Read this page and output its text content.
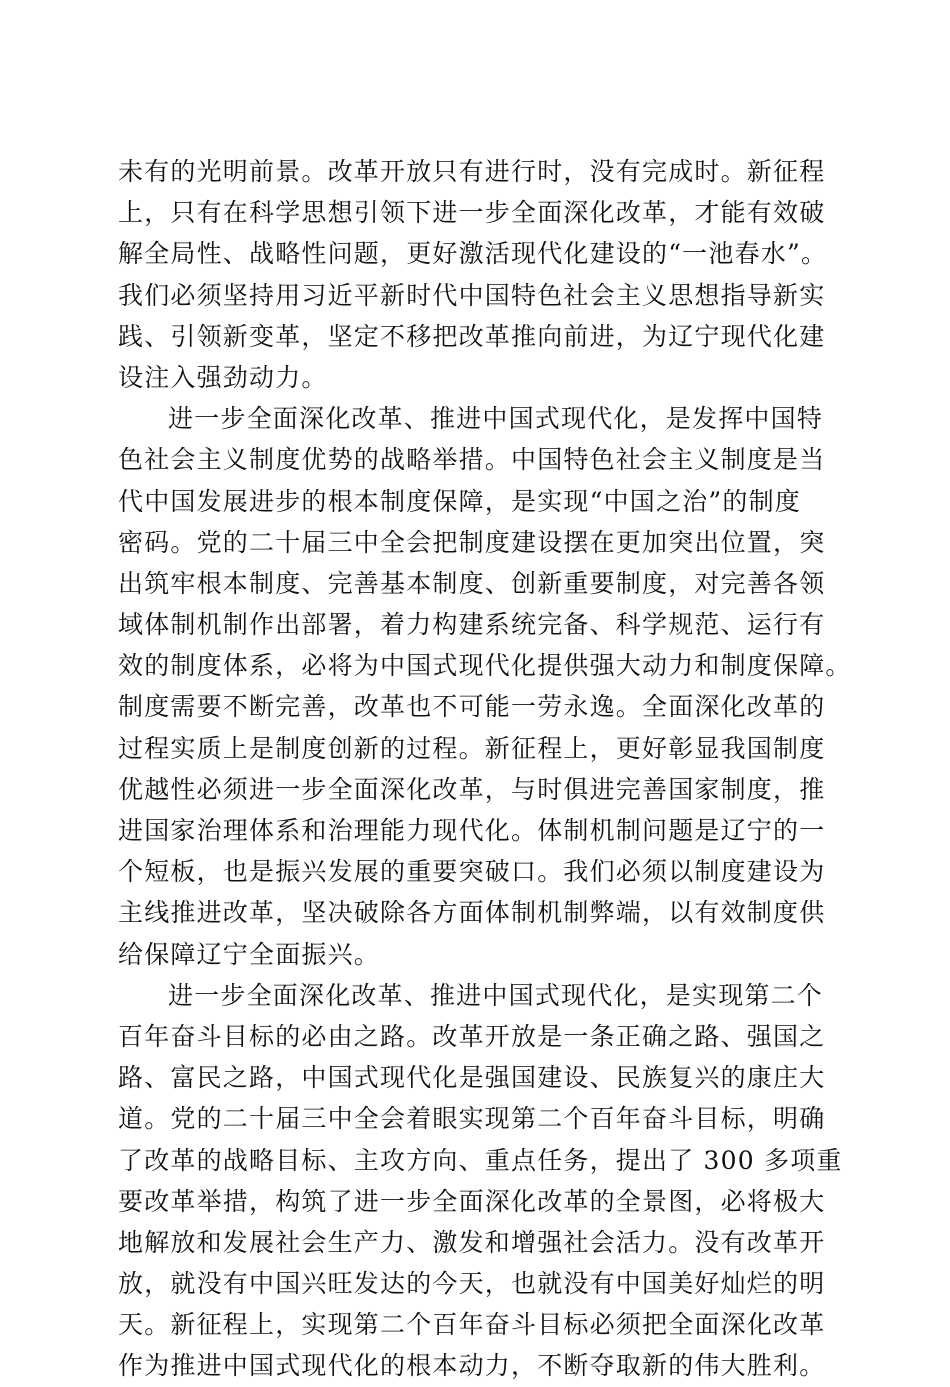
未有的光明前景。改革开放只有进行时，没有完成时。新征程
上，只有在科学思想引领下进一步全面深化改革，才能有效破
解全局性、战略性问题，更好激活现代化建设的“一池春水”。
我们必须坚持用习近平新时代中国特色社会主义思想指导新实
践、引领新变革，坚定不移把改革推向前进，为辽宁现代化建
设注入强劲动力。
进一步全面深化改革、推进中国式现代化，是发挥中国特
色社会主义制度优势的战略举措。中国特色社会主义制度是当
代中国发展进步的根本制度保障，是实现“中国之治”的制度
密码。党的二十届三中全会把制度建设摆在更加突出位置，突
出筑牢根本制度、完善基本制度、创新重要制度，对完善各领
域体制机制作出部署，着力构建系统完备、科学规范、运行有
效的制度体系，必将为中国式现代化提供强大动力和制度保障。
制度需要不断完善，改革也不可能一劳永逸。全面深化改革的
过程实质上是制度创新的过程。新征程上，更好彰显我国制度
优越性必须进一步全面深化改革，与时俱进完善国家制度，推
进国家治理体系和治理能力现代化。体制机制问题是辽宁的一
个短板，也是振兴发展的重要突破口。我们必须以制度建设为
主线推进改革，坚决破除各方面体制机制弊端，以有效制度供
给保障辽宁全面振兴。
进一步全面深化改革、推进中国式现代化，是实现第二个
百年奋斗目标的必由之路。改革开放是一条正确之路、强国之
路、富民之路，中国式现代化是强国建设、民族复兴的康庄大
道。党的二十届三中全会着眼实现第二个百年奋斗目标，明确
了改革的战略目标、主攻方向、重点任务，提出了 300 多项重
要改革举措，构筑了进一步全面深化改革的全景图，必将极大
地解放和发展社会生产力、激发和增强社会活力。没有改革开
放，就没有中国兴旺发达的今天，也就没有中国美好灿烂的明
天。新征程上，实现第二个百年奋斗目标必须把全面深化改革
作为推进中国式现代化的根本动力，不断夺取新的伟大胜利。
